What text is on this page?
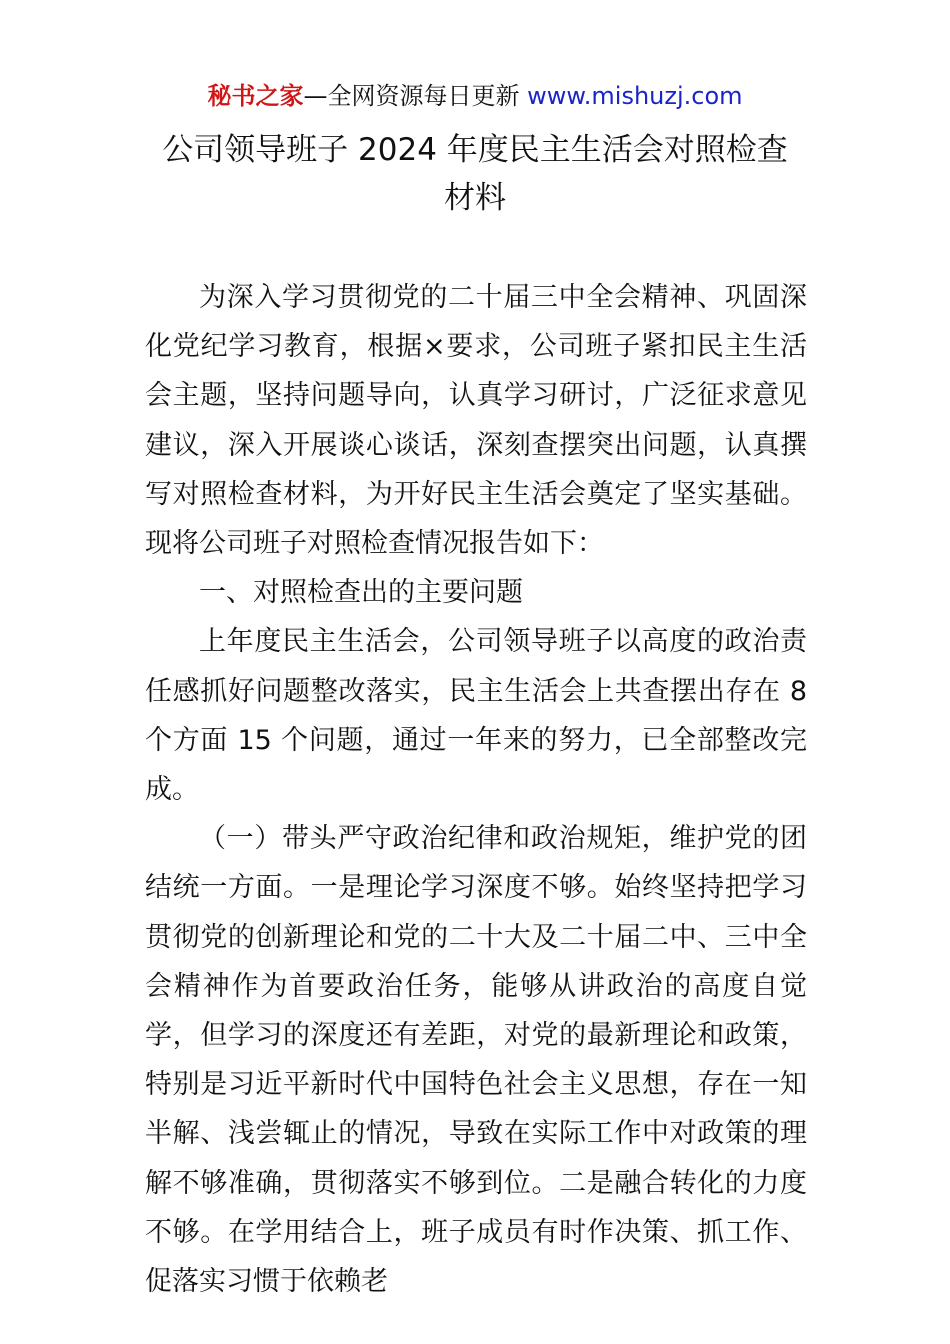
秘书之家—全网资源每日更新 www.mishuzj.com
公司领导班子 2024 年度民主生活会对照检查
材料

为深入学习贯彻党的二十届三中全会精神、巩固深化党纪学习教育，根据×要求，公司班子紧扣民主生活会主题，坚持问题导向，认真学习研讨，广泛征求意见建议，深入开展谈心谈话，深刻查摆突出问题，认真撰写对照检查材料，为开好民主生活会奠定了坚实基础。现将公司班子对照检查情况报告如下：

一、对照检查出的主要问题

上年度民主生活会，公司领导班子以高度的政治责任感抓好问题整改落实，民主生活会上共查摆出存在 8 个方面 15 个问题，通过一年来的努力，已全部整改完成。

（一）带头严守政治纪律和政治规矩，维护党的团结统一方面。一是理论学习深度不够。始终坚持把学习贯彻党的创新理论和党的二十大及二十届二中、三中全会精神作为首要政治任务，能够从讲政治的高度自觉学，但学习的深度还有差距，对党的最新理论和政策，特别是习近平新时代中国特色社会主义思想，存在一知半解、浅尝辄止的情况，导致在实际工作中对政策的理解不够准确，贯彻落实不够到位。二是融合转化的力度不够。在学用结合上，班子成员有时作决策、抓工作、促落实习惯于依赖老
